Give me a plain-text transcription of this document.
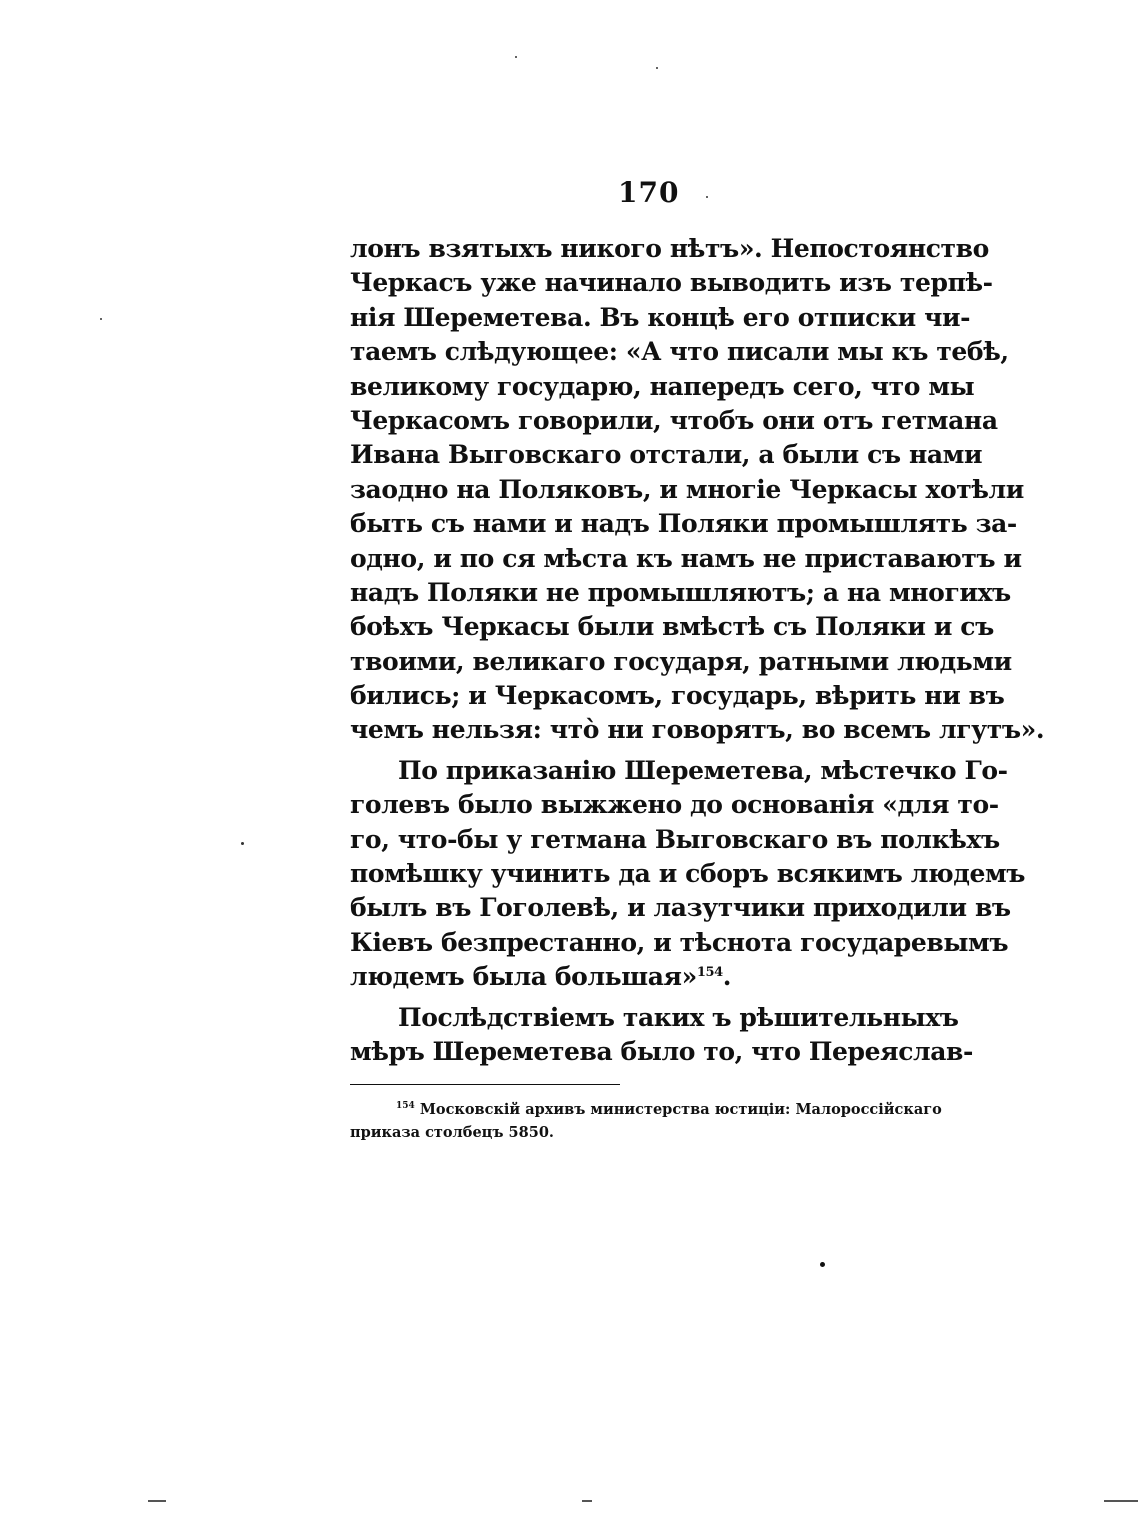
170
лонъ взятыхъ никого нѣтъ». Непостоянство
Черкасъ уже начинало выводить изъ терпѣ-
нія Шереметева. Въ концѣ его отписки чи-
таемъ слѣдующее: «А что писали мы къ тебѣ,
великому государю, напередъ сего, что мы
Черкасомъ говорили, чтобъ они отъ гетмана
Ивана Выговскаго отстали, а были съ нами
заодно на Поляковъ, и многіе Черкасы хотѣли
быть съ нами и надъ Поляки промышлять за-
одно, и по ся мѣста къ намъ не приставаютъ и
надъ Поляки не промышляютъ; а на многихъ
боѣхъ Черкасы были вмѣстѣ съ Поляки и съ
твоими, великаго государя, ратными людьми
бились; и Черкасомъ, государь, вѣрить ни въ
чемъ нельзя: чтò ни говорятъ, во всемъ лгутъ».
По приказанію Шереметева, мѣстечко Го-
голевъ было выжжено до основанія «для то-
го, что-бы у гетмана Выговскаго въ полкѣхъ
помѣшку учинить да и сборъ всякимъ людемъ
былъ въ Гоголевѣ, и лазутчики приходили въ
Кіевъ безпрестанно, и тѣснота государевымъ
людемъ была большая»$^{154}$.
Послѣдствіемъ таких ъ рѣшительныхъ
мѣръ Шереметева было то, что Переяслав-
$^{154}$ Московскій архивъ министерства юстиціи: Малороссійскаго
приказа столбецъ 5850.
